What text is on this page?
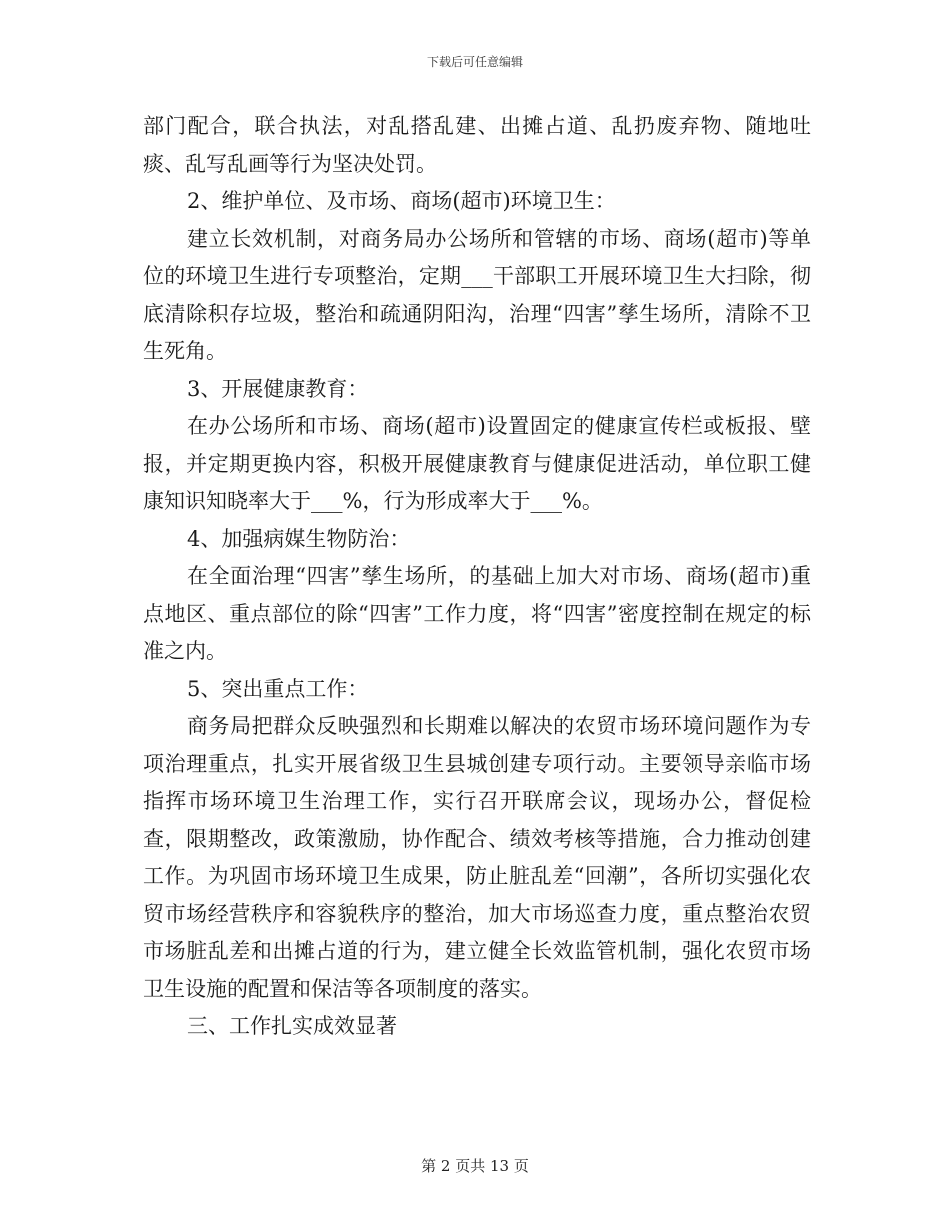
下载后可任意编辑

部门配合，联合执法，对乱搭乱建、出摊占道、乱扔废弃物、随地吐痰、乱写乱画等行为坚决处罚。

2、维护单位、及市场、商场(超市)环境卫生：

建立长效机制，对商务局办公场所和管辖的市场、商场(超市)等单位的环境卫生进行专项整治，定期___干部职工开展环境卫生大扫除，彻底清除积存垃圾，整治和疏通阴阳沟，治理“四害”孳生场所，清除不卫生死角。

3、开展健康教育：

在办公场所和市场、商场(超市)设置固定的健康宣传栏或板报、壁报，并定期更换内容，积极开展健康教育与健康促进活动，单位职工健康知识知晓率大于___%，行为形成率大于___%。

4、加强病媒生物防治：

在全面治理“四害”孳生场所，的基础上加大对市场、商场(超市)重点地区、重点部位的除“四害”工作力度，将“四害”密度控制在规定的标准之内。

5、突出重点工作：

商务局把群众反映强烈和长期难以解决的农贸市场环境问题作为专项治理重点，扎实开展省级卫生县城创建专项行动。主要领导亲临市场指挥市场环境卫生治理工作，实行召开联席会议，现场办公，督促检查，限期整改，政策激励，协作配合、绩效考核等措施，合力推动创建工作。为巩固市场环境卫生成果，防止脏乱差“回潮”，各所切实强化农贸市场经营秩序和容貌秩序的整治，加大市场巡查力度，重点整治农贸市场脏乱差和出摊占道的行为，建立健全长效监管机制，强化农贸市场卫生设施的配置和保洁等各项制度的落实。

三、工作扎实成效显著

第 2 页共 13 页
